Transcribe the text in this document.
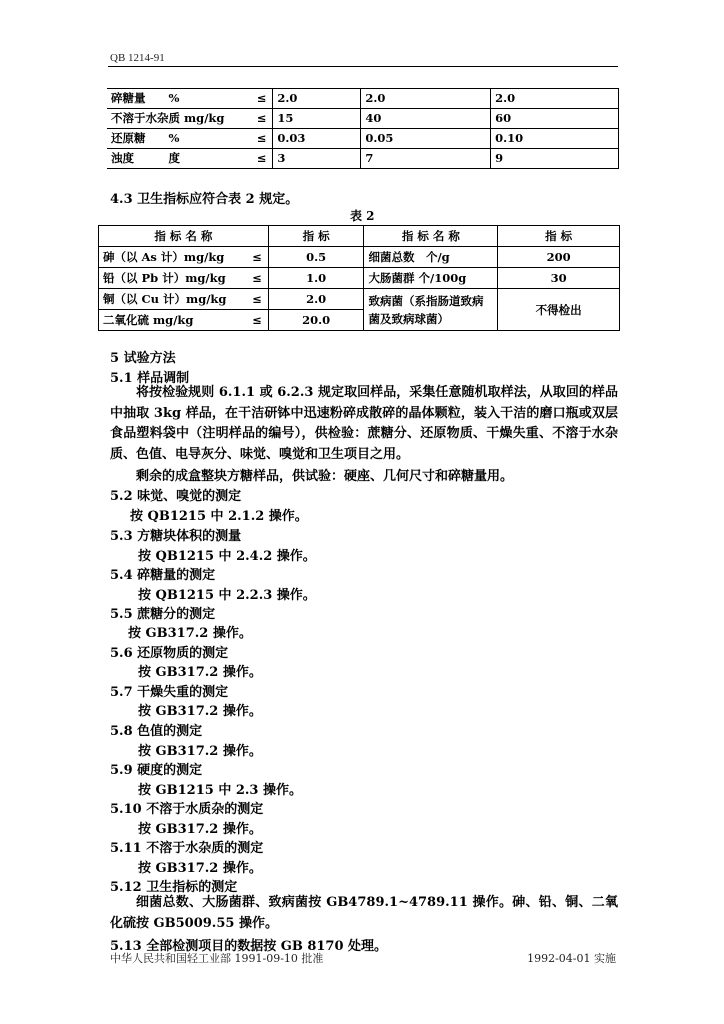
QB 1214-91
碎糖量　　% ≤	2.0	2.0	2.0
不溶于水杂质 mg/kg ≤	15	40	60
还原糖　　% ≤	0.03	0.05	0.10
浊度　　　度 ≤	3	7	9
4.3 卫生指标应符合表 2 规定。
表 2
指 标 名 称	指 标	指 标 名 称	指 标
砷（以 As 计）mg/kg ≤	0.5	细菌总数　个/g	200
铅（以 Pb 计）mg/kg ≤	1.0	大肠菌群 个/100g	30
铜（以 Cu 计）mg/kg ≤	2.0	致病菌（系指肠道致病菌及致病球菌）	不得检出
二氧化硫 mg/kg ≤	20.0		
5 试验方法
5.1 样品调制
将按检验规则 6.1.1 或 6.2.3 规定取回样品，采集任意随机取样法，从取回的样品中抽取 3kg 样品，在干洁研钵中迅速粉碎成散碎的晶体颗粒，装入干洁的磨口瓶或双层食品塑料袋中（注明样品的编号），供检验：蔗糖分、还原物质、干燥失重、不溶于水杂质、色值、电导灰分、味觉、嗅觉和卫生项目之用。
剩余的成盒整块方糖样品，供试验：硬座、几何尺寸和碎糖量用。
5.2 味觉、嗅觉的测定
按 QB1215 中 2.1.2 操作。
5.3 方糖块体积的测量
按 QB1215 中 2.4.2 操作。
5.4 碎糖量的测定
按 QB1215 中 2.2.3 操作。
5.5 蔗糖分的测定
按 GB317.2 操作。
5.6 还原物质的测定
按 GB317.2 操作。
5.7 干燥失重的测定
按 GB317.2 操作。
5.8 色值的测定
按 GB317.2 操作。
5.9 硬度的测定
按 GB1215 中 2.3 操作。
5.10 不溶于水质杂的测定
按 GB317.2 操作。
5.11 不溶于水杂质的测定
按 GB317.2 操作。
5.12 卫生指标的测定
细菌总数、大肠菌群、致病菌按 GB4789.1~4789.11 操作。砷、铅、铜、二氧化硫按 GB5009.55 操作。
5.13 全部检测项目的数据按 GB 8170 处理。
中华人民共和国轻工业部 1991-09-10 批准	1992-04-01 实施
